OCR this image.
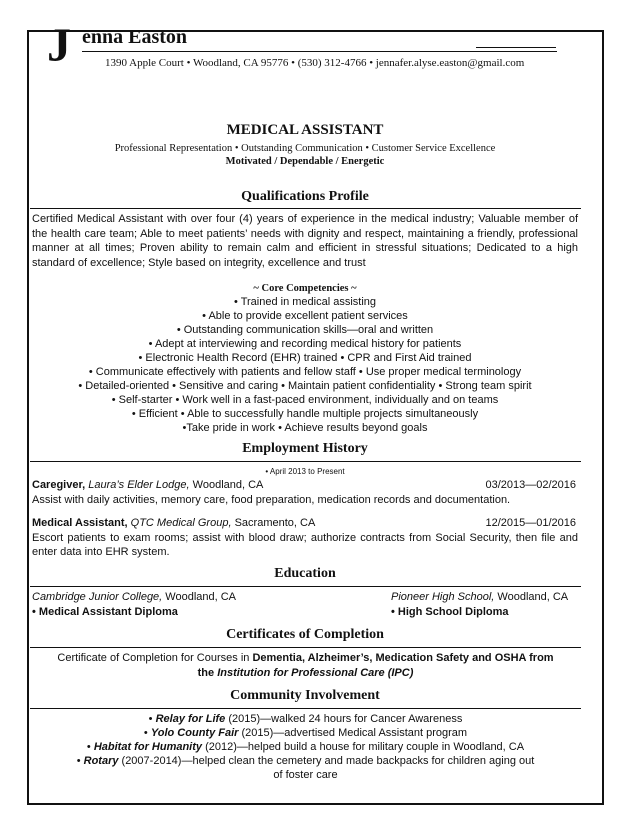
J enna Easton
1390 Apple Court • Woodland, CA 95776 • (530) 312-4766 • jennafer.alyse.easton@gmail.com
MEDICAL ASSISTANT
Professional Representation • Outstanding Communication • Customer Service Excellence
Motivated / Dependable / Energetic
Qualifications Profile
Certified Medical Assistant with over four (4) years of experience in the medical industry; Valuable member of the health care team; Able to meet patients’ needs with dignity and respect, maintaining a friendly, professional manner at all times; Proven ability to remain calm and efficient in stressful situations; Dedicated to a high standard of excellence; Style based on integrity, excellence and trust
~ Core Competencies ~
• Trained in medical assisting
• Able to provide excellent patient services
• Outstanding communication skills—oral and written
• Adept at interviewing and recording medical history for patients
• Electronic Health Record (EHR) trained • CPR and First Aid trained
• Communicate effectively with patients and fellow staff • Use proper medical terminology
• Detailed-oriented • Sensitive and caring • Maintain patient confidentiality • Strong team spirit
• Self-starter • Work well in a fast-paced environment, individually and on teams
• Efficient • Able to successfully handle multiple projects simultaneously
•Take pride in work • Achieve results beyond goals
Employment History
• April 2013 to Present
Caregiver, Laura’s Elder Lodge, Woodland, CA	03/2013—02/2016
Assist with daily activities, memory care, food preparation, medication records and documentation.
Medical Assistant, QTC Medical Group, Sacramento, CA	12/2015—01/2016
Escort patients to exam rooms; assist with blood draw; authorize contracts from Social Security, then file and enter data into EHR system.
Education
Cambridge Junior College, Woodland, CA
• Medical Assistant Diploma
Pioneer High School, Woodland, CA
• High School Diploma
Certificates of Completion
Certificate of Completion for Courses in Dementia, Alzheimer’s, Medication Safety and OSHA from
the Institution for Professional Care (IPC)
Community Involvement
• Relay for Life (2015)—walked 24 hours for Cancer Awareness
• Yolo County Fair (2015)—advertised Medical Assistant program
• Habitat for Humanity (2012)—helped build a house for military couple in Woodland, CA
• Rotary (2007-2014)—helped clean the cemetery and made backpacks for children aging out
of foster care
